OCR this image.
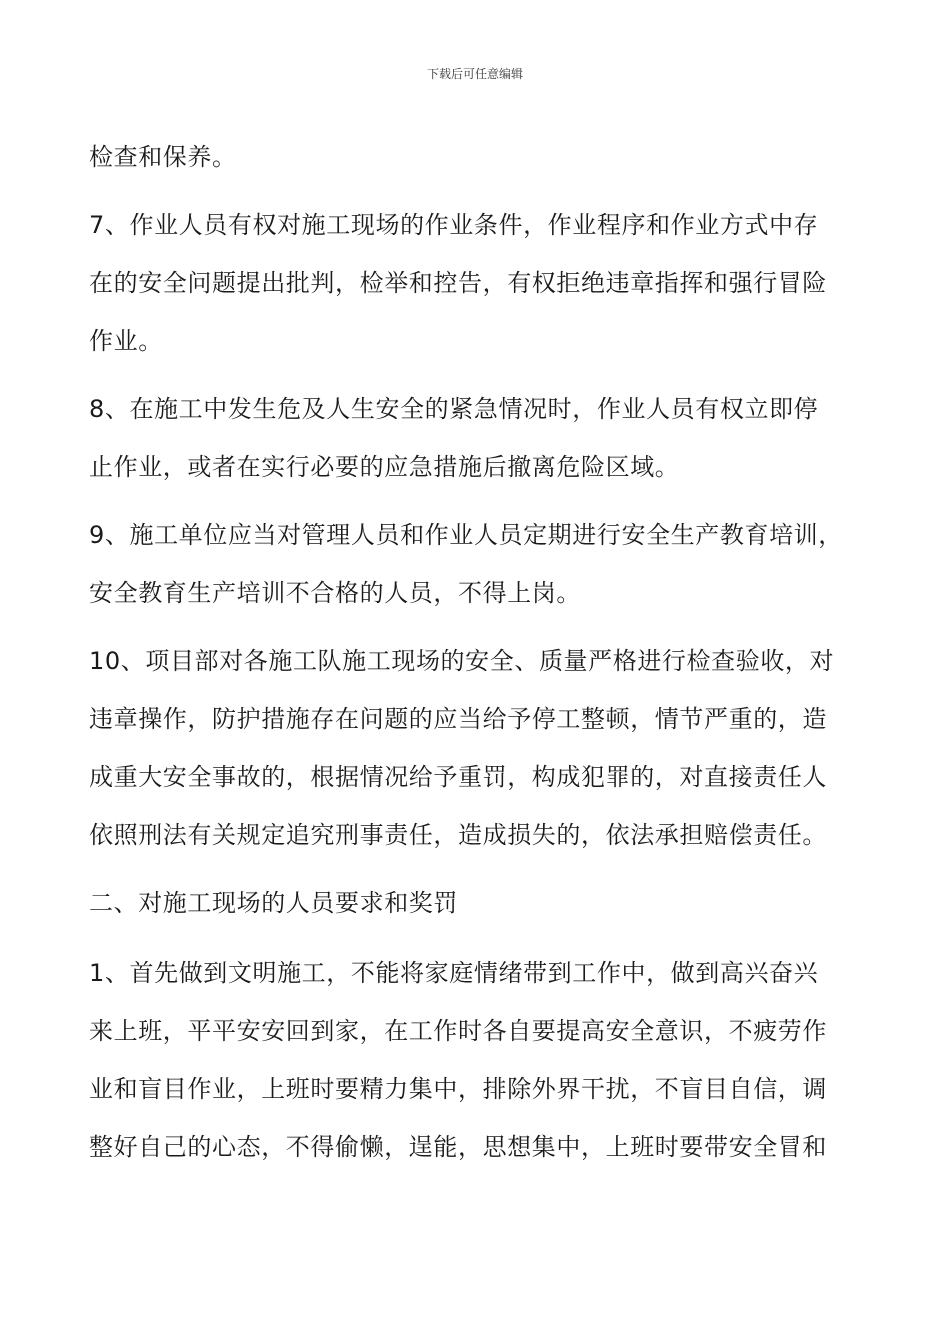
下载后可任意编辑
检查和保养。
7、作业人员有权对施工现场的作业条件，作业程序和作业方式中存
在的安全问题提出批判，检举和控告，有权拒绝违章指挥和强行冒险
作业。
8、在施工中发生危及人生安全的紧急情况时，作业人员有权立即停
止作业，或者在实行必要的应急措施后撤离危险区域。
9、施工单位应当对管理人员和作业人员定期进行安全生产教育培训，
安全教育生产培训不合格的人员，不得上岗。
10、项目部对各施工队施工现场的安全、质量严格进行检查验收，对
违章操作，防护措施存在问题的应当给予停工整顿，情节严重的，造
成重大安全事故的，根据情况给予重罚，构成犯罪的，对直接责任人
依照刑法有关规定追究刑事责任，造成损失的，依法承担赔偿责任。
二、对施工现场的人员要求和奖罚
1、首先做到文明施工，不能将家庭情绪带到工作中，做到高兴奋兴
来上班，平平安安回到家，在工作时各自要提高安全意识，不疲劳作
业和盲目作业，上班时要精力集中，排除外界干扰，不盲目自信，调
整好自己的心态，不得偷懒，逞能，思想集中，上班时要带安全冒和
